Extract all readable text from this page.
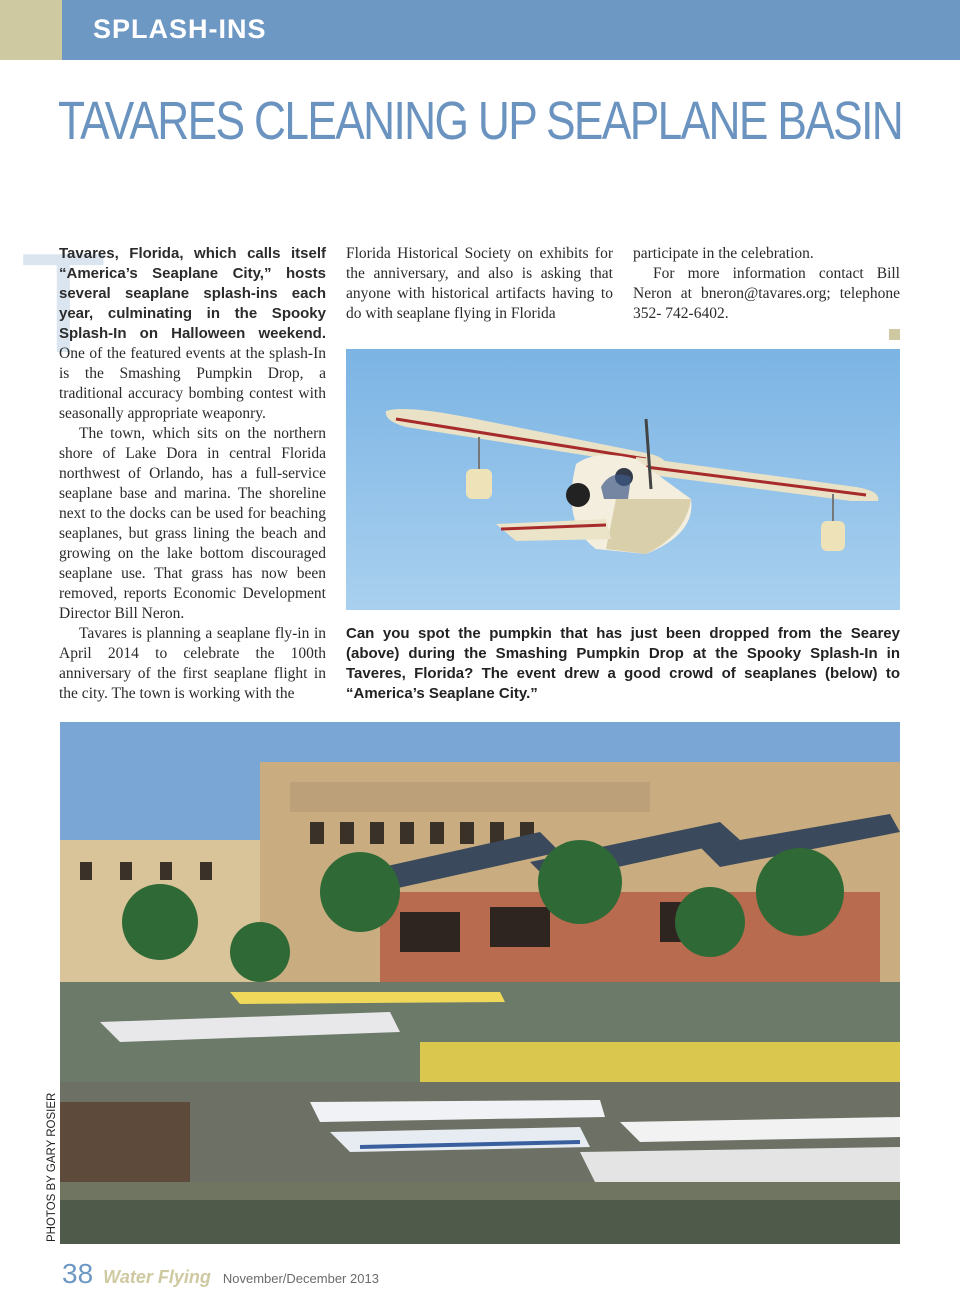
SPLASH-INS
TAVARES CLEANING UP SEAPLANE BASIN
T

Tavares, Florida, which calls itself “America’s Seaplane City,” hosts several seaplane splash-ins each year, culminating in the Spooky Splash-In on Halloween weekend. One of the featured events at the splash-In is the Smashing Pumpkin Drop, a traditional accuracy bombing contest with seasonally appropriate weaponry.

The town, which sits on the northern shore of Lake Dora in central Florida northwest of Orlando, has a full-service seaplane base and marina. The shoreline next to the docks can be used for beaching seaplanes, but grass lining the beach and growing on the lake bottom discouraged seaplane use. That grass has now been removed, reports Economic Development Director Bill Neron.

Tavares is planning a seaplane fly-in in April 2014 to celebrate the 100th anniversary of the first seaplane flight in the city. The town is working with the

Florida Historical Society on exhibits for the anniversary, and also is asking that anyone with historical artifacts having to do with seaplane flying in Florida

participate in the celebration.

For more information contact Bill Neron at bneron@tavares.org; telephone 352- 742-6402.

Can you spot the pumpkin that has just been dropped from the Searey (above) during the Smashing Pumpkin Drop at the Spooky Splash-In in Taveres, Florida? The event drew a good crowd of seaplanes (below) to “America’s Seaplane City.”

PHOTOS BY GARY ROSIER

38 Water Flying November/December 2013
